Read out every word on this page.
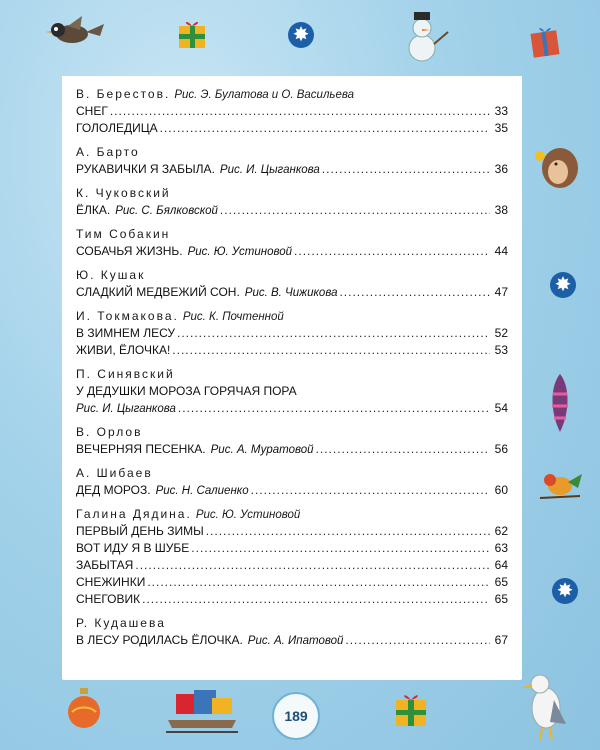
✸
✸
✸
189
В. Берестов. Рис. Э. Булатова и О. Васильева
СНЕГ .....	33
ГОЛОЛЕДИЦА .....	35
А. Барто
РУКАВИЧКИ Я ЗАБЫЛА. Рис. И. Цыганкова .....	36
К. Чуковский
ЁЛКА. Рис. С. Бялковской .....	38
Тим Собакин
СОБАЧЬЯ ЖИЗНЬ. Рис. Ю. Устиновой .....	44
Ю. Кушак
СЛАДКИЙ МЕДВЕЖИЙ СОН. Рис. В. Чижикова .....	47
И. Токмакова. Рис. К. Почтенной
В ЗИМНЕМ ЛЕСУ .....	52
ЖИВИ, ЁЛОЧКА! .....	53
П. Синявский
У ДЕДУШКИ МОРОЗА ГОРЯЧАЯ ПОРА
Рис. И. Цыганкова .....	54
В. Орлов
ВЕЧЕРНЯЯ ПЕСЕНКА. Рис. А. Муратовой .....	56
А. Шибаев
ДЕД МОРОЗ. Рис. Н. Салиенко .....	60
Галина Дядина. Рис. Ю. Устиновой
ПЕРВЫЙ ДЕНЬ ЗИМЫ .....	62
ВОТ ИДУ Я В ШУБЕ .....	63
ЗАБЫТАЯ .....	64
СНЕЖИНКИ .....	65
СНЕГОВИК .....	65
Р. Кудашева
В ЛЕСУ РОДИЛАСЬ ЁЛОЧКА. Рис. А. Ипатовой .....	67
